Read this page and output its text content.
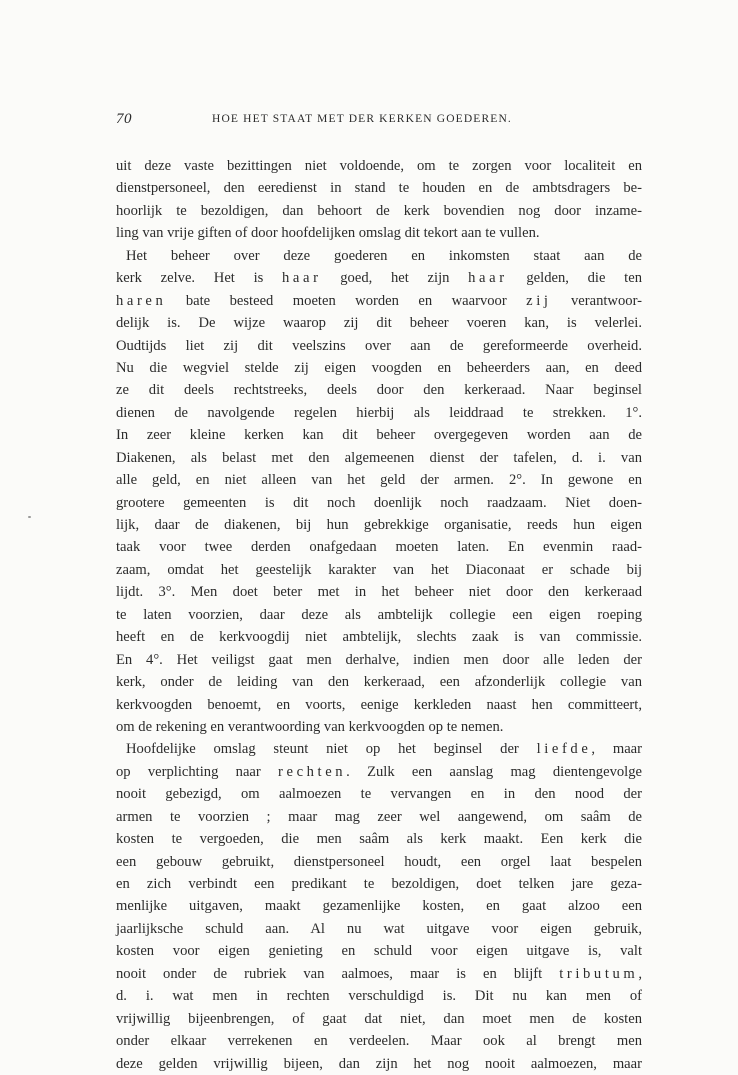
70	HOE HET STAAT MET DER KERKEN GOEDEREN.
uit deze vaste bezittingen niet voldoende, om te zorgen voor localiteit en
dienstpersoneel, den eeredienst in stand te houden en de ambtsdragers be-
hoorlijk te bezoldigen, dan behoort de kerk bovendien nog door inzame-
ling van vrije giften of door hoofdelijken omslag dit tekort aan te vullen.
Het beheer over deze goederen en inkomsten staat aan de
kerk zelve. Het is haar goed, het zijn haar gelden, die ten
haren bate besteed moeten worden en waarvoor zij verantwoor-
delijk is. De wijze waarop zij dit beheer voeren kan, is velerlei.
Oudtijds liet zij dit veelszins over aan de gereformeerde overheid.
Nu die wegviel stelde zij eigen voogden en beheerders aan, en deed
ze dit deels rechtstreeks, deels door den kerkeraad. Naar beginsel
dienen de navolgende regelen hierbij als leiddraad te strekken. 1°.
In zeer kleine kerken kan dit beheer overgegeven worden aan de
Diakenen, als belast met den algemeenen dienst der tafelen, d. i. van
alle geld, en niet alleen van het geld der armen. 2°. In gewone en
grootere gemeenten is dit noch doenlijk noch raadzaam. Niet doen-
lijk, daar de diakenen, bij hun gebrekkige organisatie, reeds hun eigen
taak voor twee derden onafgedaan moeten laten. En evenmin raad-
zaam, omdat het geestelijk karakter van het Diaconaat er schade bij
lijdt. 3°. Men doet beter met in het beheer niet door den kerkeraad
te laten voorzien, daar deze als ambtelijk collegie een eigen roeping
heeft en de kerkvoogdij niet ambtelijk, slechts zaak is van commissie.
En 4°. Het veiligst gaat men derhalve, indien men door alle leden der
kerk, onder de leiding van den kerkeraad, een afzonderlijk collegie van
kerkvoogden benoemt, en voorts, eenige kerkleden naast hen committeert,
om de rekening en verantwoording van kerkvoogden op te nemen.
Hoofdelijke omslag steunt niet op het beginsel der liefde, maar
op verplichting naar rechten. Zulk een aanslag mag dientengevolge
nooit gebezigd, om aalmoezen te vervangen en in den nood der
armen te voorzien ; maar mag zeer wel aangewend, om saâm de
kosten te vergoeden, die men saâm als kerk maakt. Een kerk die
een gebouw gebruikt, dienstpersoneel houdt, een orgel laat bespelen
en zich verbindt een predikant te bezoldigen, doet telken jare geza-
menlijke uitgaven, maakt gezamenlijke kosten, en gaat alzoo een
jaarlijksche schuld aan. Al nu wat uitgave voor eigen gebruik,
kosten voor eigen genieting en schuld voor eigen uitgave is, valt
nooit onder de rubriek van aalmoes, maar is en blijft tributum,
d. i. wat men in rechten verschuldigd is. Dit nu kan men of
vrijwillig bijeenbrengen, of gaat dat niet, dan moet men de kosten
onder elkaar verrekenen en verdeelen. Maar ook al brengt men
deze gelden vrijwillig bijeen, dan zijn het nog nooit aalmoezen, maar
